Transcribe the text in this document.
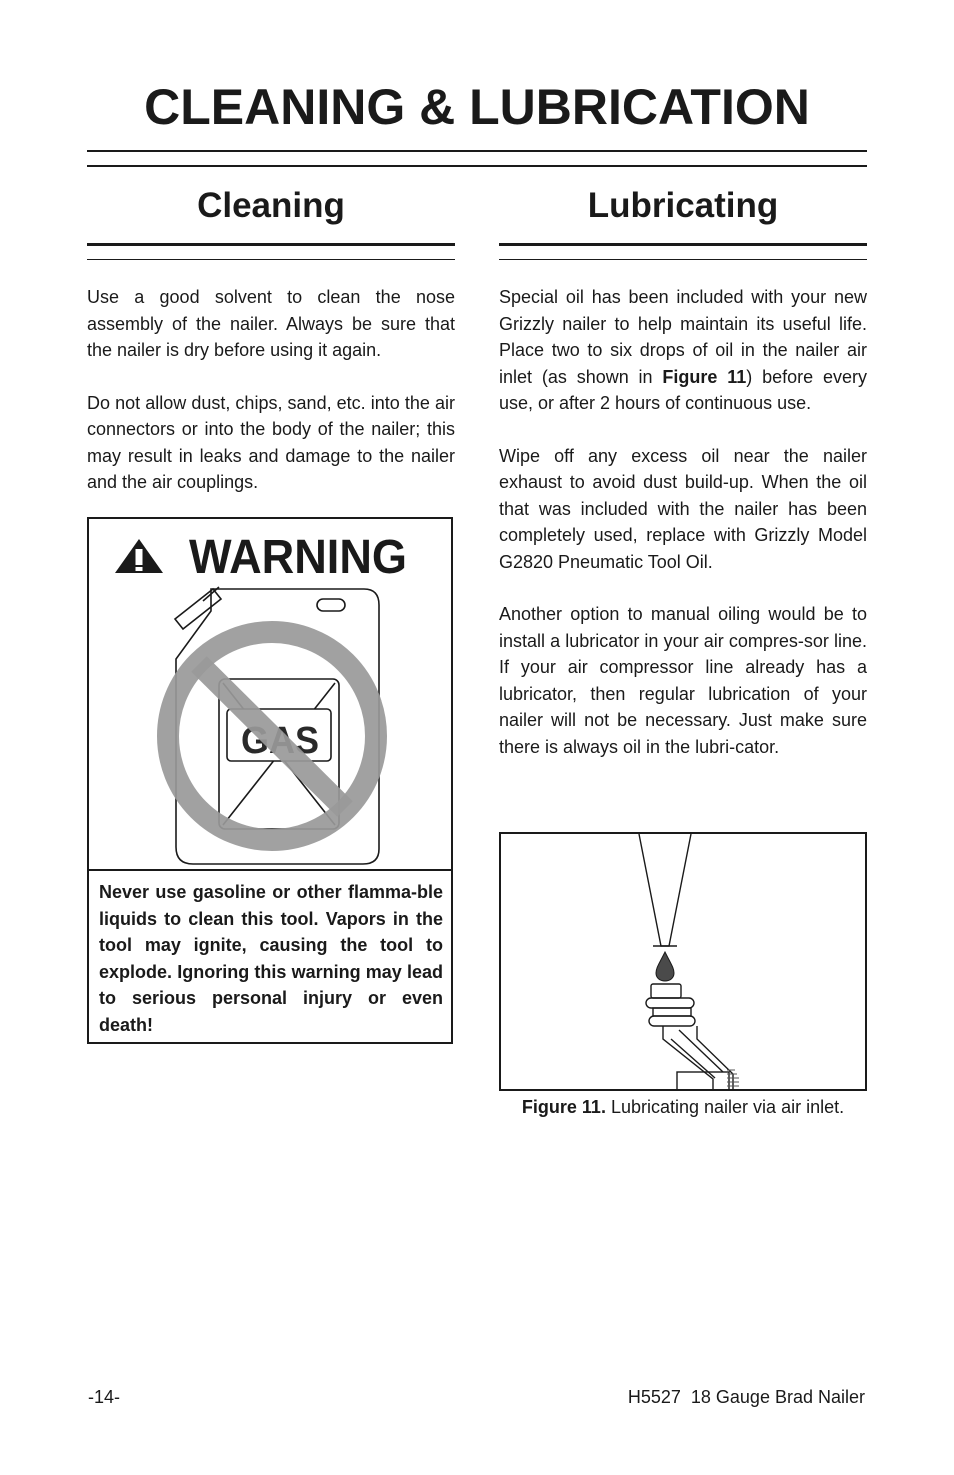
CLEANING & LUBRICATION
Cleaning

Use a good solvent to clean the nose assembly of the nailer. Always be sure that the nailer is dry before using it again.

Do not allow dust, chips, sand, etc. into the air connectors or into the body of the nailer; this may result in leaks and damage to the nailer and the air couplings.

WARNING
GAS
Never use gasoline or other flamma-ble liquids to clean this tool. Vapors in the tool may ignite, causing the tool to explode. Ignoring this warning may lead to serious personal injury or even death!
Lubricating

Special oil has been included with your new Grizzly nailer to help maintain its useful life. Place two to six drops of oil in the nailer air inlet (as shown in Figure 11) before every use, or after 2 hours of continuous use.

Wipe off any excess oil near the nailer exhaust to avoid dust build-up. When the oil that was included with the nailer has been completely used, replace with Grizzly Model G2820 Pneumatic Tool Oil.

Another option to manual oiling would be to install a lubricator in your air compres-sor line. If your air compressor line already has a lubricator, then regular lubrication of your nailer will not be necessary. Just make sure there is always oil in the lubri-cator.

Figure 11. Lubricating nailer via air inlet.
-14-	H5527  18 Gauge Brad Nailer
